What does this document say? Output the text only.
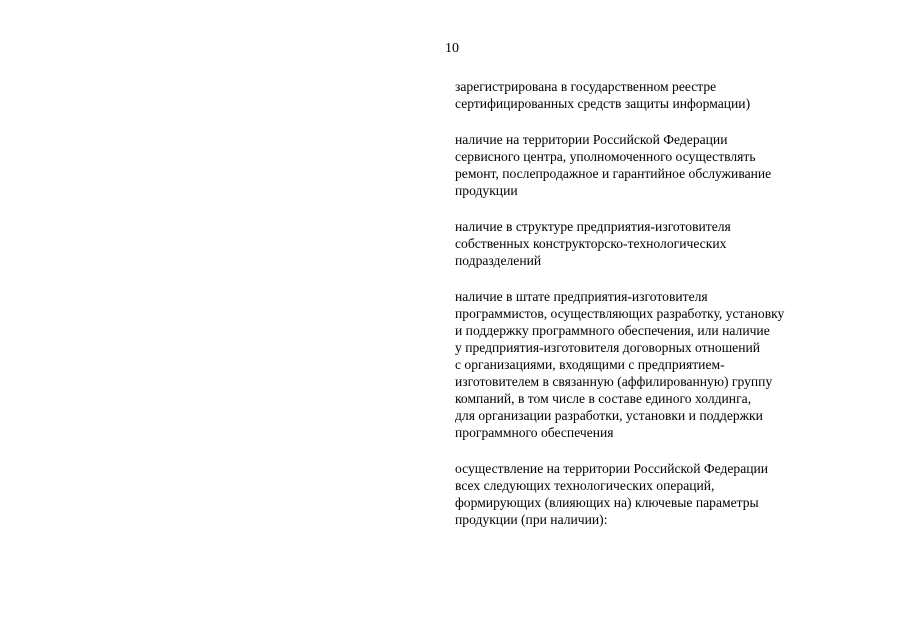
10

зарегистрирована в государственном реестре
сертифицированных средств защиты информации)

наличие на территории Российской Федерации
сервисного центра, уполномоченного осуществлять
ремонт, послепродажное и гарантийное обслуживание
продукции

наличие в структуре предприятия-изготовителя
собственных конструкторско-технологических
подразделений

наличие в штате предприятия-изготовителя
программистов, осуществляющих разработку, установку
и поддержку программного обеспечения, или наличие
у предприятия-изготовителя договорных отношений
с организациями, входящими с предприятием-
изготовителем в связанную (аффилированную) группу
компаний, в том числе в составе единого холдинга,
для организации разработки, установки и поддержки
программного обеспечения

осуществление на территории Российской Федерации
всех следующих технологических операций,
формирующих (влияющих на) ключевые параметры
продукции (при наличии):
